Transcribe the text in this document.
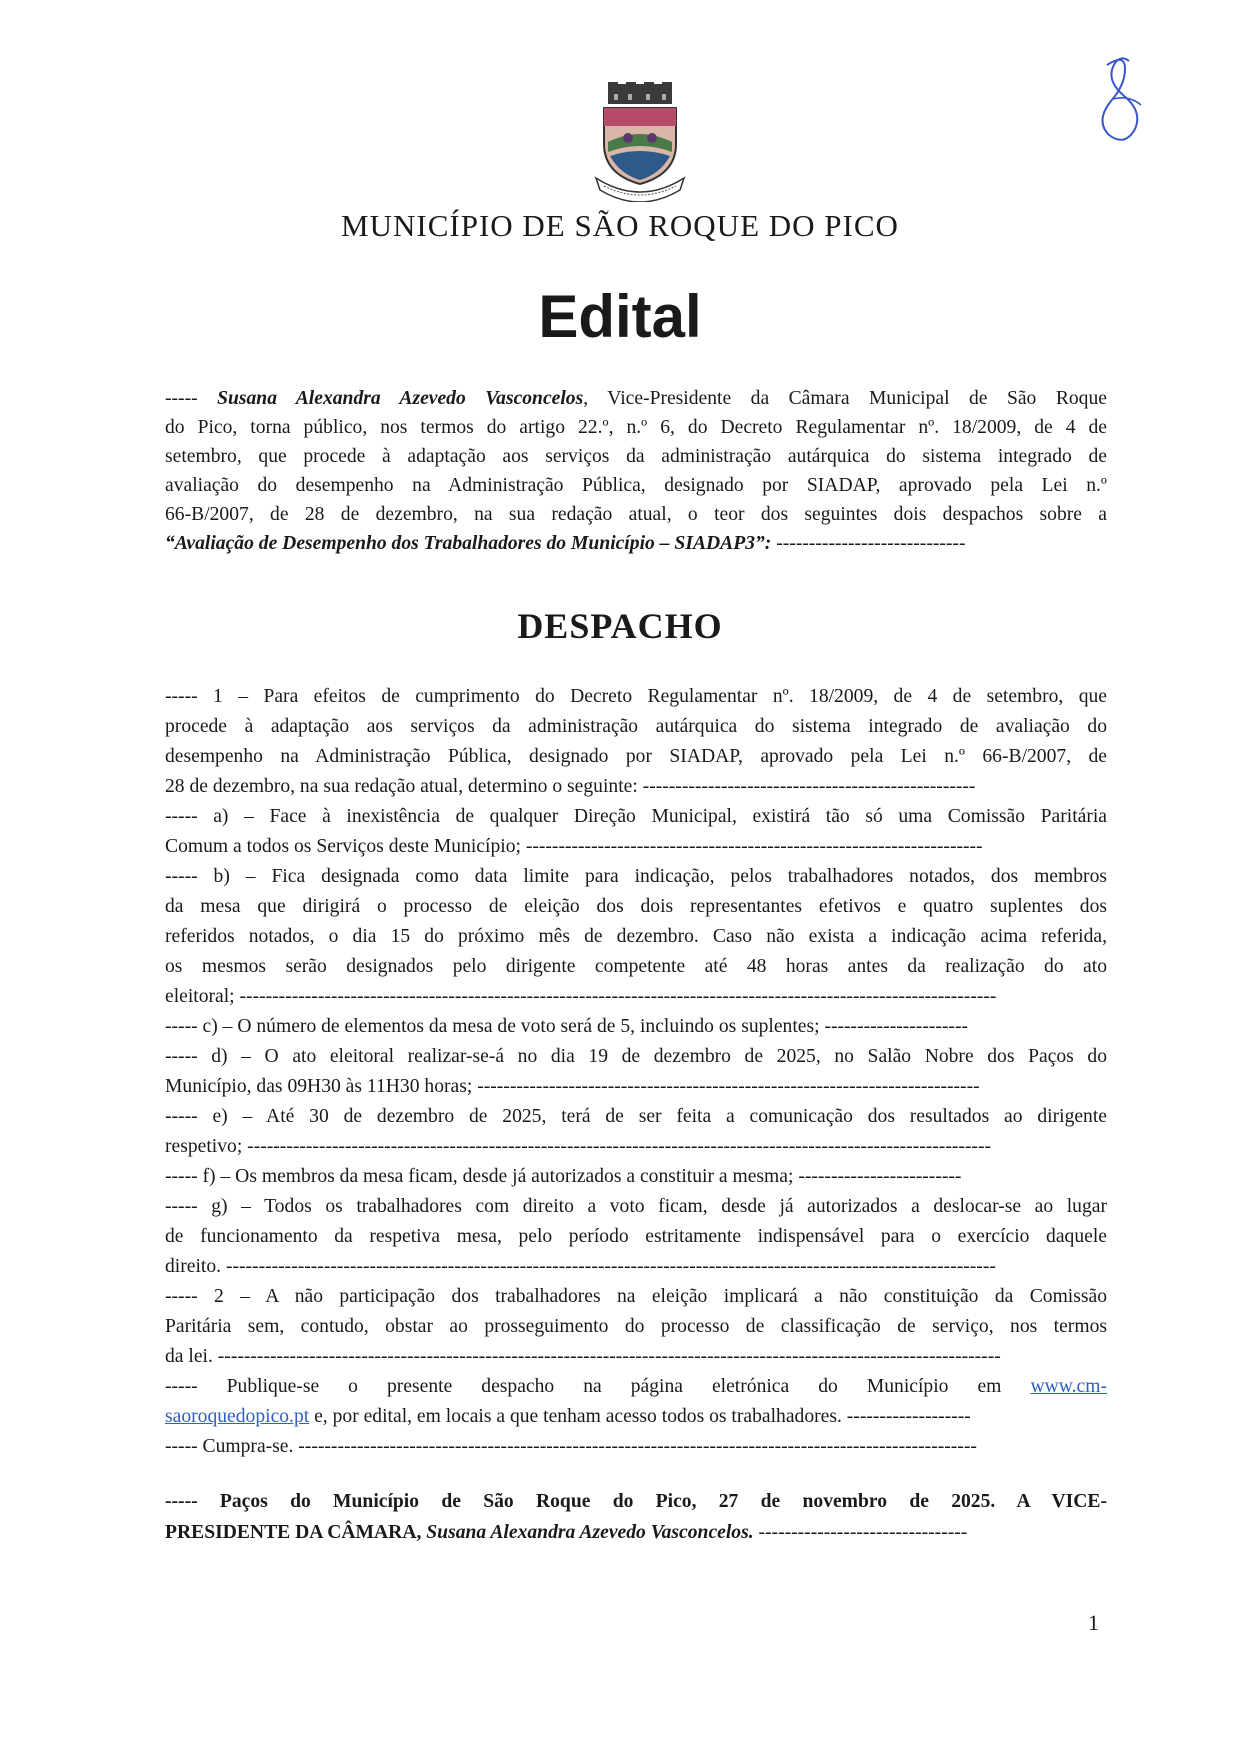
MUNICÍPIO DE SÃO ROQUE DO PICO
Edital
----- Susana Alexandra Azevedo Vasconcelos, Vice-Presidente da Câmara Municipal de São Roque
do Pico, torna público, nos termos do artigo 22.º, n.º 6, do Decreto Regulamentar nº. 18/2009, de 4 de
setembro, que procede à adaptação aos serviços da administração autárquica do sistema integrado de
avaliação do desempenho na Administração Pública, designado por SIADAP, aprovado pela Lei n.º
66-B/2007, de 28 de dezembro, na sua redação atual, o teor dos seguintes dois despachos sobre a
“Avaliação de Desempenho dos Trabalhadores do Município – SIADAP3”: -----------------------------
DESPACHO
----- 1 – Para efeitos de cumprimento do Decreto Regulamentar nº. 18/2009, de 4 de setembro, que
procede à adaptação aos serviços da administração autárquica do sistema integrado de avaliação do
desempenho na Administração Pública, designado por SIADAP, aprovado pela Lei n.º 66-B/2007, de
28 de dezembro, na sua redação atual, determino o seguinte: ---------------------------------------------------
----- a) – Face à inexistência de qualquer Direção Municipal, existirá tão só uma Comissão Paritária
Comum a todos os Serviços deste Município; ----------------------------------------------------------------------
----- b) – Fica designada como data limite para indicação, pelos trabalhadores notados, dos membros
da mesa que dirigirá o processo de eleição dos dois representantes efetivos e quatro suplentes dos
referidos notados, o dia 15 do próximo mês de dezembro. Caso não exista a indicação acima referida,
os mesmos serão designados pelo dirigente competente até 48 horas antes da realização do ato
eleitoral; --------------------------------------------------------------------------------------------------------------------
----- c) – O número de elementos da mesa de voto será de 5, incluindo os suplentes; ----------------------
----- d) – O ato eleitoral realizar-se-á no dia 19 de dezembro de 2025, no Salão Nobre dos Paços do
Município, das 09H30 às 11H30 horas; -----------------------------------------------------------------------------
----- e) – Até 30 de dezembro de 2025, terá de ser feita a comunicação dos resultados ao dirigente
respetivo; ------------------------------------------------------------------------------------------------------------------
----- f) – Os membros da mesa ficam, desde já autorizados a constituir a mesma; -------------------------
----- g) – Todos os trabalhadores com direito a voto ficam, desde já autorizados a deslocar-se ao lugar
de funcionamento da respetiva mesa, pelo período estritamente indispensável para o exercício daquele
direito. ----------------------------------------------------------------------------------------------------------------------
----- 2 – A não participação dos trabalhadores na eleição implicará a não constituição da Comissão
Paritária sem, contudo, obstar ao prosseguimento do processo de classificação de serviço, nos termos
da lei. ------------------------------------------------------------------------------------------------------------------------
----- Publique-se o presente despacho na página eletrónica do Município em www.cm-
saoroquedopico.pt e, por edital, em locais a que tenham acesso todos os trabalhadores. -------------------
----- Cumpra-se. --------------------------------------------------------------------------------------------------------
----- Paços do Município de São Roque do Pico, 27 de novembro de 2025. A VICE-
PRESIDENTE DA CÂMARA, Susana Alexandra Azevedo Vasconcelos. --------------------------------
1
